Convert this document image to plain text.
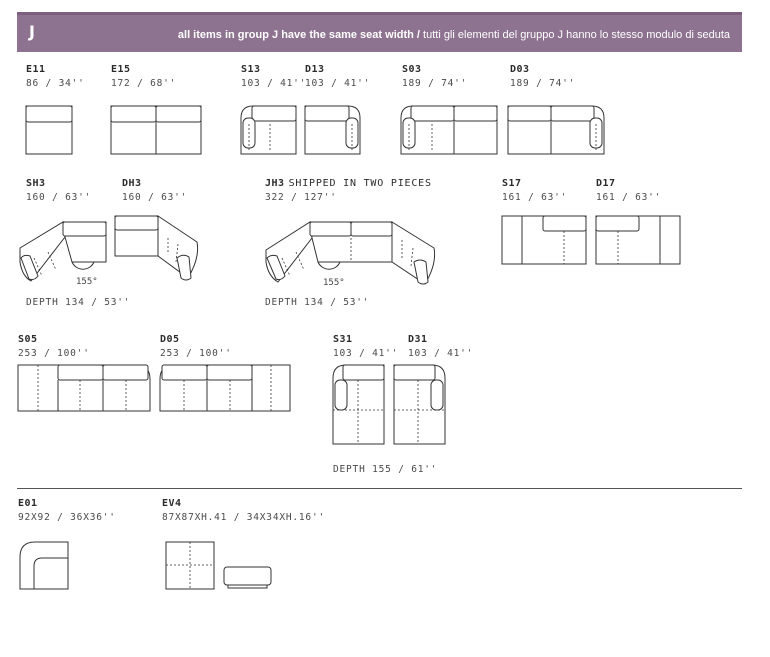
J	all items in group J have the same seat width / tutti gli elementi del gruppo J hanno lo stesso modulo di seduta
E11
86 / 34''
E15
172 / 68''
S13
103 / 41''
D13
103 / 41''
S03
189 / 74''
D03
189 / 74''
SH3
160 / 63''
DH3
160 / 63''
JH3 SHIPPED IN TWO PIECES
322 / 127''
S17
161 / 63''
D17
161 / 63''
DEPTH 134 / 53''	DEPTH 134 / 53''
S05
253 / 100''
D05
253 / 100''
S31
103 / 41''
D31
103 / 41''
DEPTH 155 / 61''
E01
92X92 / 36X36''
EV4
87X87XH.41 / 34X34XH.16''
155°	155°
